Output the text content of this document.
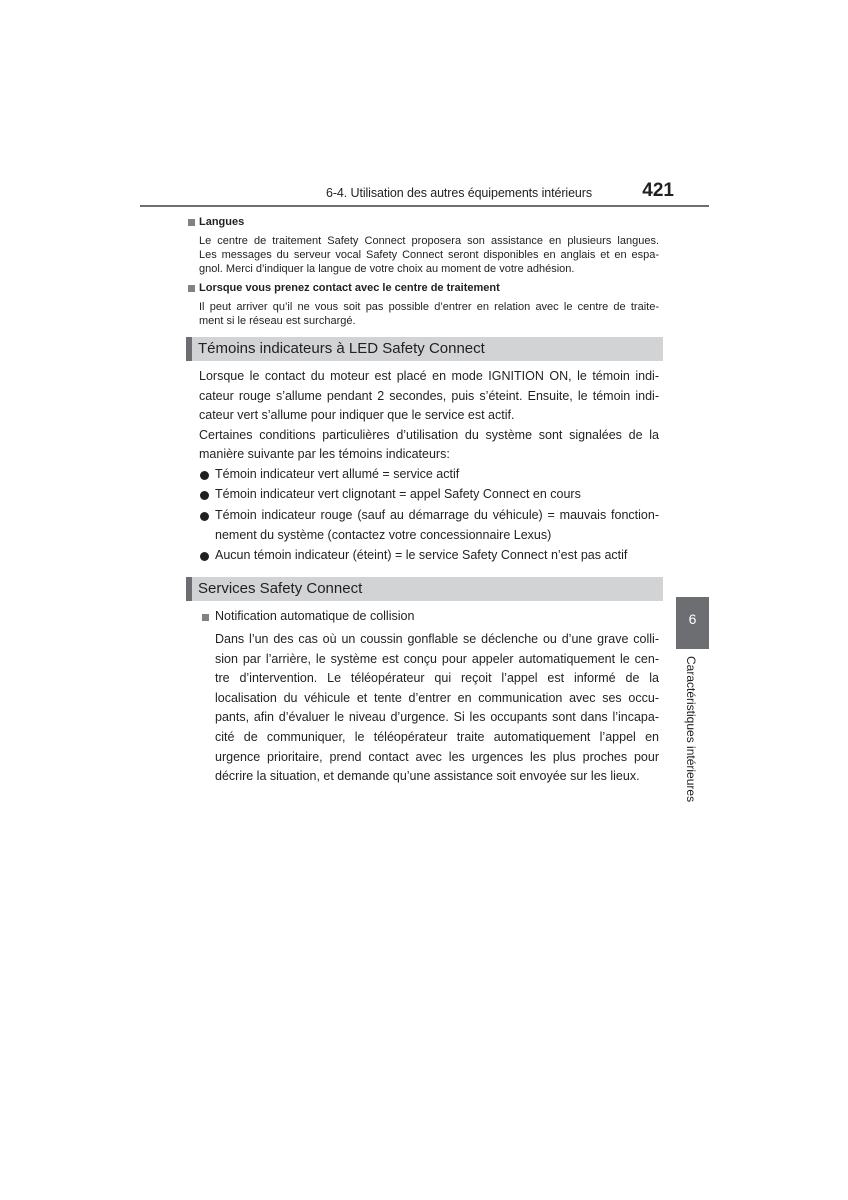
6-4. Utilisation des autres équipements intérieurs	421
Langues
Le centre de traitement Safety Connect proposera son assistance en plusieurs langues.
Les messages du serveur vocal Safety Connect seront disponibles en anglais et en espa-
gnol. Merci d’indiquer la langue de votre choix au moment de votre adhésion.
Lorsque vous prenez contact avec le centre de traitement
Il peut arriver qu’il ne vous soit pas possible d’entrer en relation avec le centre de traite-
ment si le réseau est surchargé.
Témoins indicateurs à LED Safety Connect
Lorsque le contact du moteur est placé en mode IGNITION ON, le témoin indi-
cateur rouge s’allume pendant 2 secondes, puis s’éteint. Ensuite, le témoin indi-
cateur vert s’allume pour indiquer que le service est actif.
Certaines conditions particulières d’utilisation du système sont signalées de la
manière suivante par les témoins indicateurs:
Témoin indicateur vert allumé = service actif
Témoin indicateur vert clignotant = appel Safety Connect en cours
Témoin indicateur rouge (sauf au démarrage du véhicule) = mauvais fonction-
nement du système (contactez votre concessionnaire Lexus)
Aucun témoin indicateur (éteint) = le service Safety Connect n’est pas actif
Services Safety Connect
Notification automatique de collision
Dans l’un des cas où un coussin gonflable se déclenche ou d’une grave colli-
sion par l’arrière, le système est conçu pour appeler automatiquement le cen-
tre d’intervention. Le téléopérateur qui reçoit l’appel est informé de la
localisation du véhicule et tente d’entrer en communication avec ses occu-
pants, afin d’évaluer le niveau d’urgence. Si les occupants sont dans l’incapa-
cité de communiquer, le téléopérateur traite automatiquement l’appel en
urgence prioritaire, prend contact avec les urgences les plus proches pour
décrire la situation, et demande qu’une assistance soit envoyée sur les lieux.
6
Caractéristiques intérieures
